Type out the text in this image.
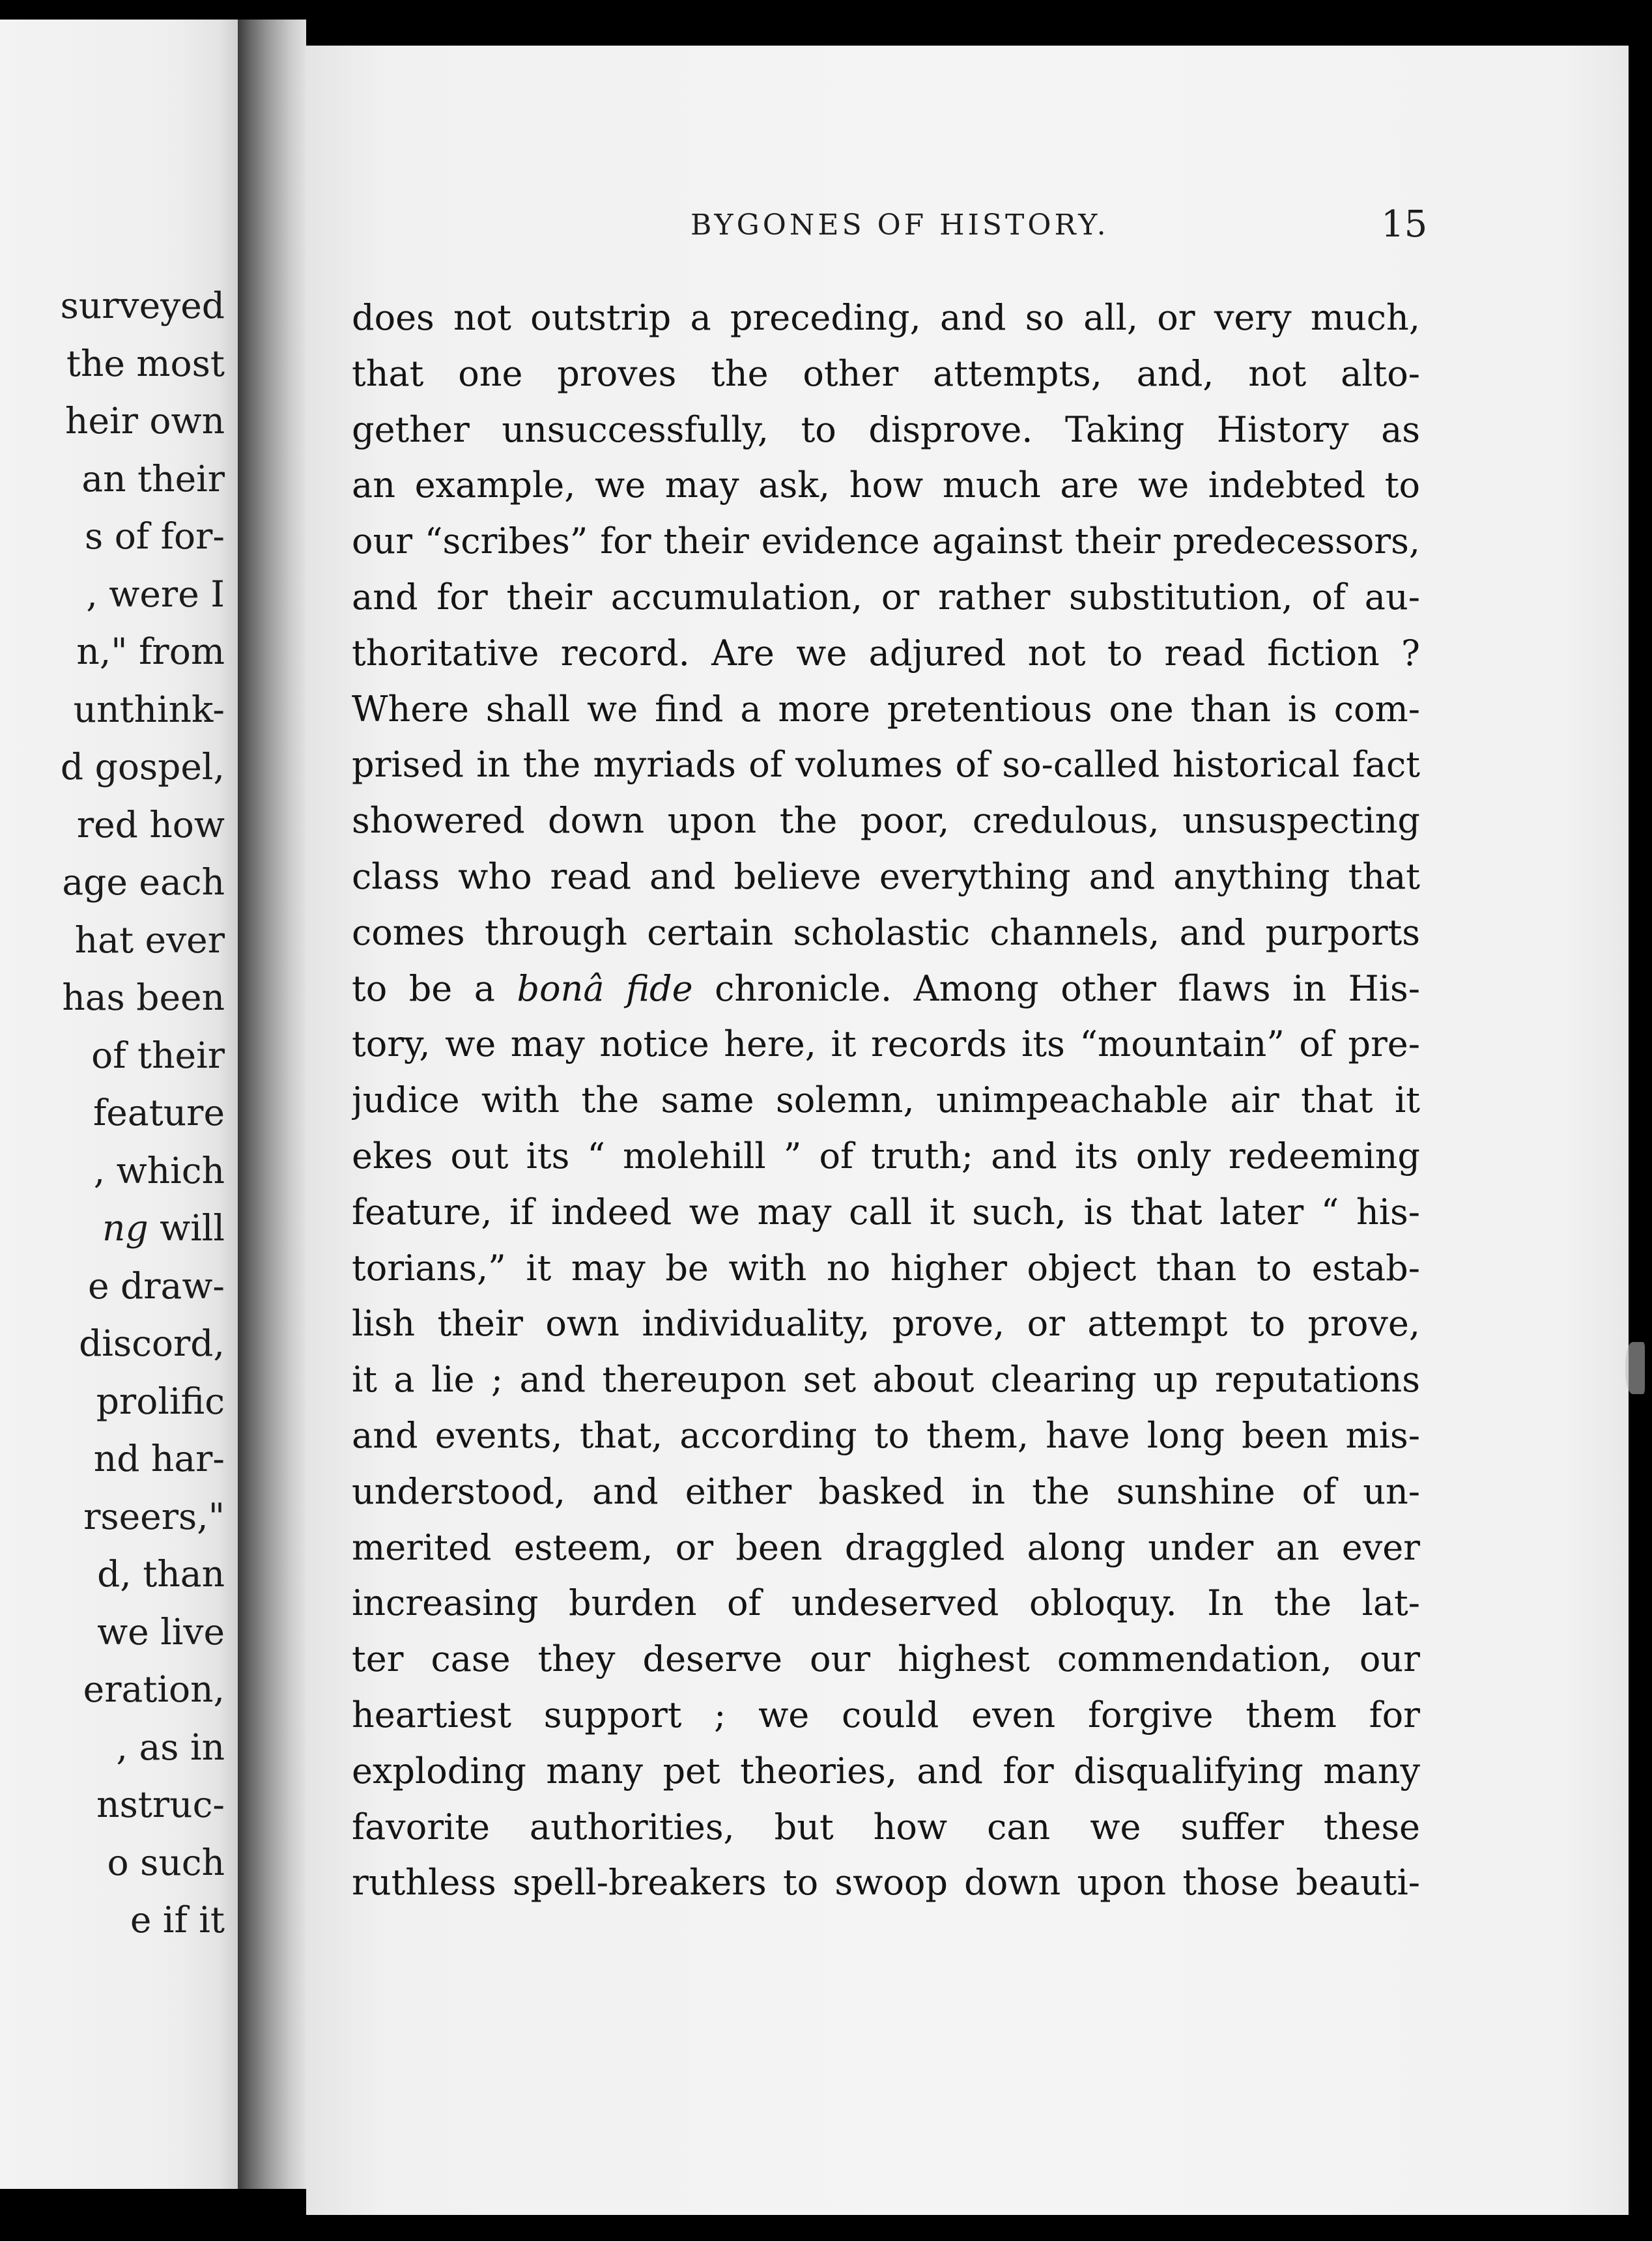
surveyed
the most
heir own
an their
s of for-
, were I
n," from
unthink-
d gospel,
red how
age each
hat ever
has been
of their
feature
, which
ng will
e draw-
discord,
prolific
nd har-
rseers,"
d, than
we live
eration,
, as in
nstruc-
o such
e if it
BYGONES OF HISTORY.	15
does not outstrip a preceding, and so all, or very much,
that one proves the other attempts, and, not alto-
gether unsuccessfully, to disprove. Taking History as
an example, we may ask, how much are we indebted to
our “scribes” for their evidence against their predecessors,
and for their accumulation, or rather substitution, of au-
thoritative record. Are we adjured not to read fiction ?
Where shall we find a more pretentious one than is com-
prised in the myriads of volumes of so-called historical fact
showered down upon the poor, credulous, unsuspecting
class who read and believe everything and anything that
comes through certain scholastic channels, and purports
to be a bonâ fide chronicle. Among other flaws in His-
tory, we may notice here, it records its “mountain” of pre-
judice with the same solemn, unimpeachable air that it
ekes out its “ molehill ” of truth; and its only redeeming
feature, if indeed we may call it such, is that later “ his-
torians,” it may be with no higher object than to estab-
lish their own individuality, prove, or attempt to prove,
it a lie ; and thereupon set about clearing up reputations
and events, that, according to them, have long been mis-
understood, and either basked in the sunshine of un-
merited esteem, or been draggled along under an ever
increasing burden of undeserved obloquy. In the lat-
ter case they deserve our highest commendation, our
heartiest support ; we could even forgive them for
exploding many pet theories, and for disqualifying many
favorite authorities, but how can we suffer these
ruthless spell-breakers to swoop down upon those beauti-
